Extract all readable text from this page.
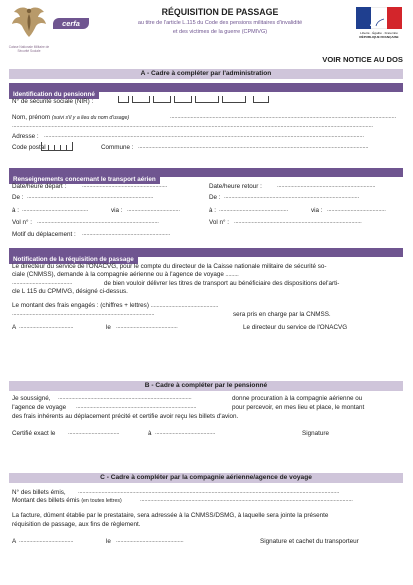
Caisse Nationale Militaire de Sécurité Sociale
cerfa
RÉQUISITION DE PASSAGE
au titre de l'article L.115 du Code des pensions militaires d'invalidité
et des victimes de la guerre (CPMIVG)	Liberté · Égalité · Fraternité
RÉPUBLIQUE FRANÇAISE
VOIR NOTICE AU DOS
A - Cadre à compléter par l'administration
Identification du pensionné
N° de sécurité sociale (NIR) :
Nom, prénom (suivi s'il y a lieu du nom d'usage)	..........................................................................................................................................................
......................................................................................................................................................................................................................................................
Adresse : ..........................................................................................................................................................................................................................
Code postal	Commune : .............................................................................................................................................................
Renseignements concernant le transport aérien
Date/heure départ :	..........................................................	Date/heure retour :	...................................................................
De : ......................................................................................	De : ............................................................................................
à : .............................................	via : ....................................	à : ...............................................	via : ........................................
Vol n° : ...................................................................................	Vol n° : .......................................................................................
Motif du déplacement : ............................................................
Notification de la réquisition de passage
Le directeur du service de l'ONACVG, pour le compte du directeur de la Caisse nationale militaire de sécurité so-
ciale (CNMSS), demande à la compagnie aérienne ou à l'agence de voyage .........
.........................................	de bien vouloir délivrer les titres de transport au bénéficiaire des dispositions del'arti-
cle L 115 du CPMIVG, désigné ci-dessus.
Le montant des frais engagés : (chiffres + lettres) ..............................................
.................................................................................................	sera pris en charge par la CNMSS.
A .....................................	le ..........................................	Le directeur du service de l'ONACVG
B - Cadre à compléter par le pensionné
Je soussigné, ...........................................................................................	donne procuration à la compagnie aérienne ou
l'agence de voyage ..................................................................................	pour percevoir, en mes lieu et place, le montant
des frais inhérents au déplacement précité et certifie avoir reçu les billets d'avion.
Certifié exact le ...................................	à .........................................	Signature
C - Cadre à compléter par la compagnie aérienne/agence de voyage
N° des billets émis, ..................................................................................................................................................................................
Montant des billets émis (en toutes lettres)	.................................................................................................................................................
La facture, dûment établie par le prestataire, sera adressée à la CNMSS/DSMG, à laquelle sera jointe la présente
réquisition de passage, aux fins de règlement.
A .....................................	le ..............................................	Signature et cachet du transporteur
